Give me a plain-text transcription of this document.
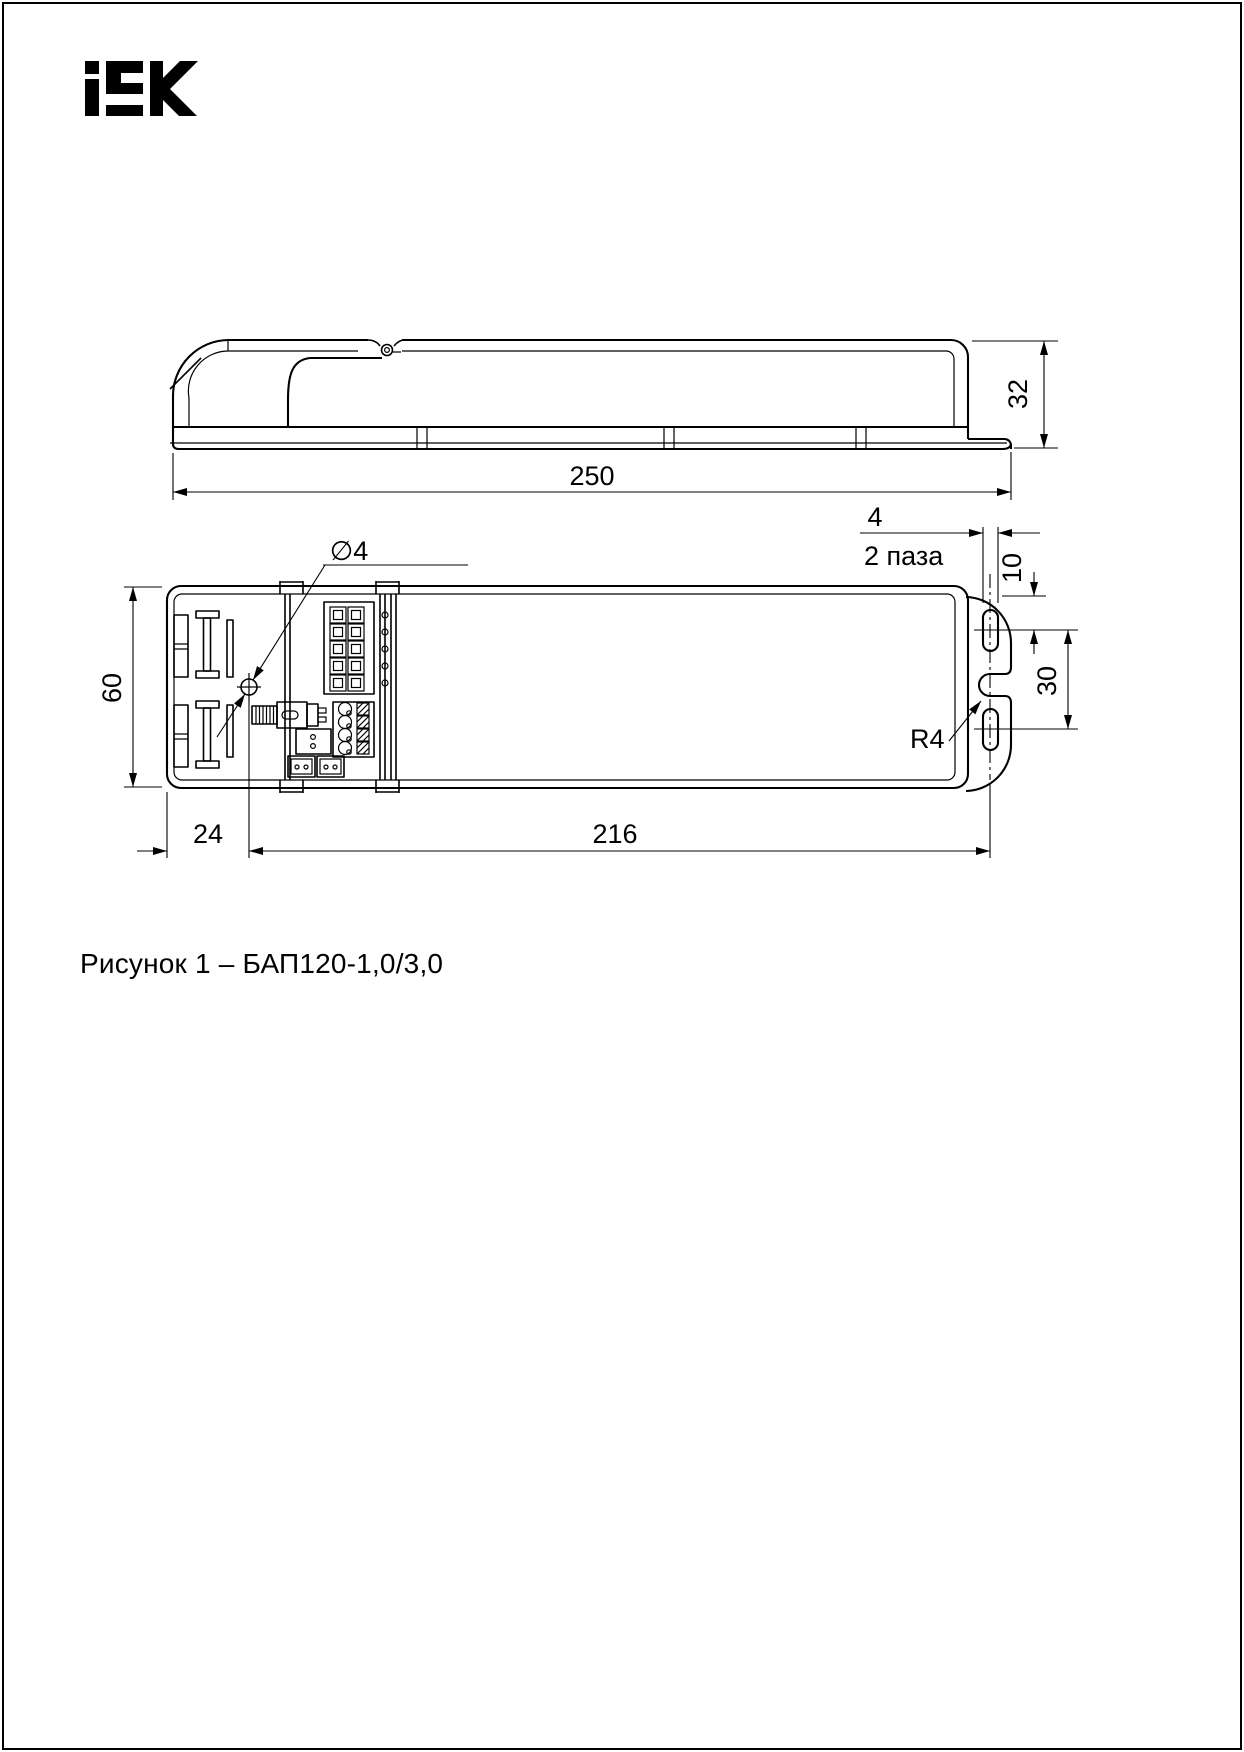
250
32
60
∅4
4
2 паза 10
30
R4
24	216
Рисунок 1 – БАП120-1,0/3,0
